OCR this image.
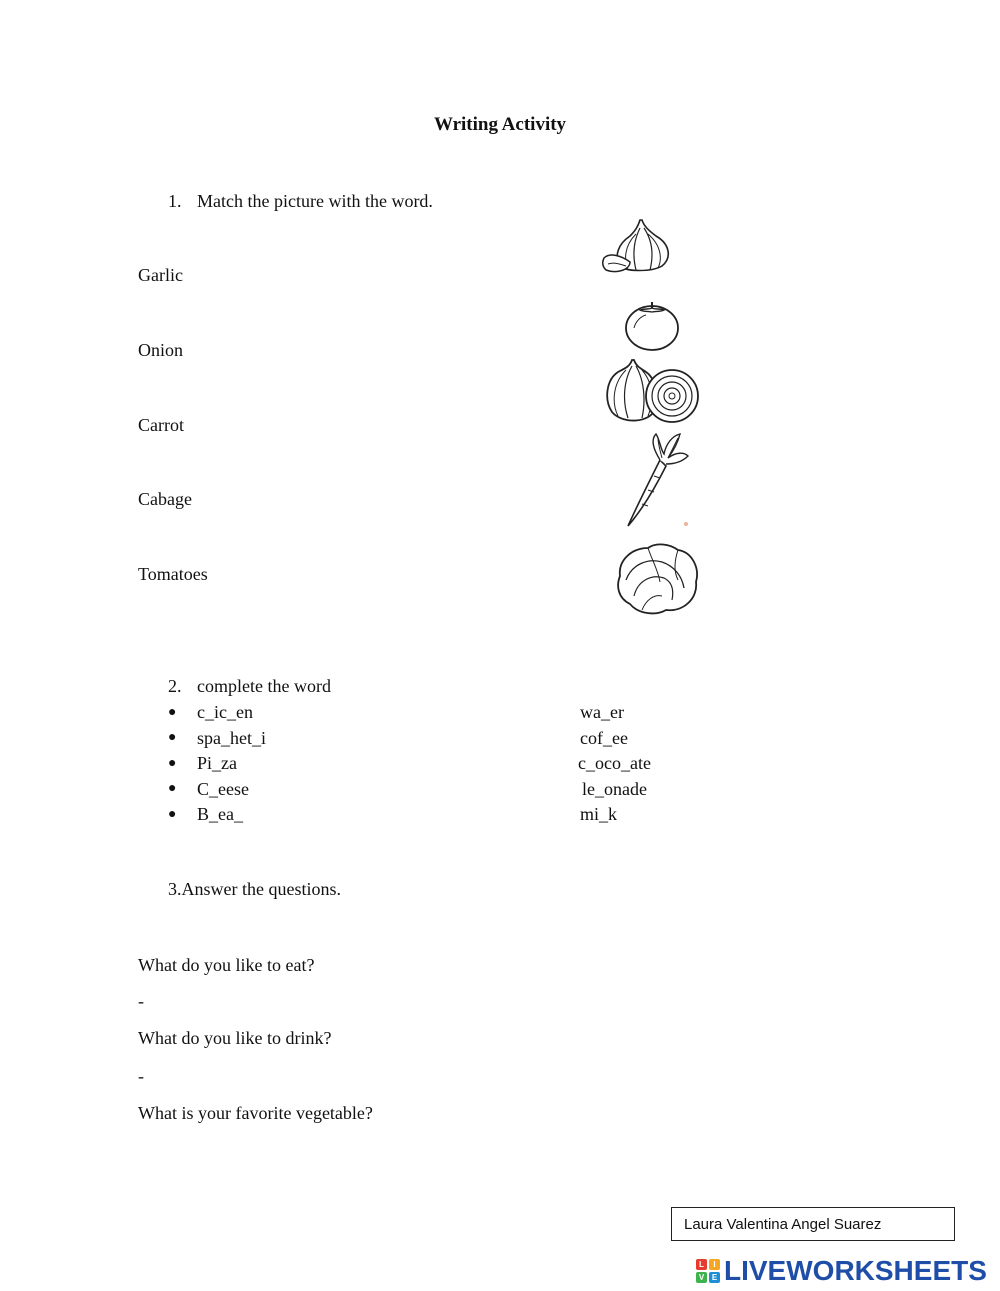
Writing Activity
1. Match the picture with the word.
Garlic
Onion
Carrot
Cabage
Tomatoes
2. complete the word
●
●
●
●
●
c_ic_en
spa_het_i
Pi_za
C_eese
B_ea_
wa_er
cof_ee
c_oco_ate
le_onade
mi_k
3.Answer the questions.
What do you like to eat?
-
What do you like to drink?
-
What is your favorite vegetable?
Laura Valentina Angel Suarez
L	I
V E LIVEWORKSHEETS
